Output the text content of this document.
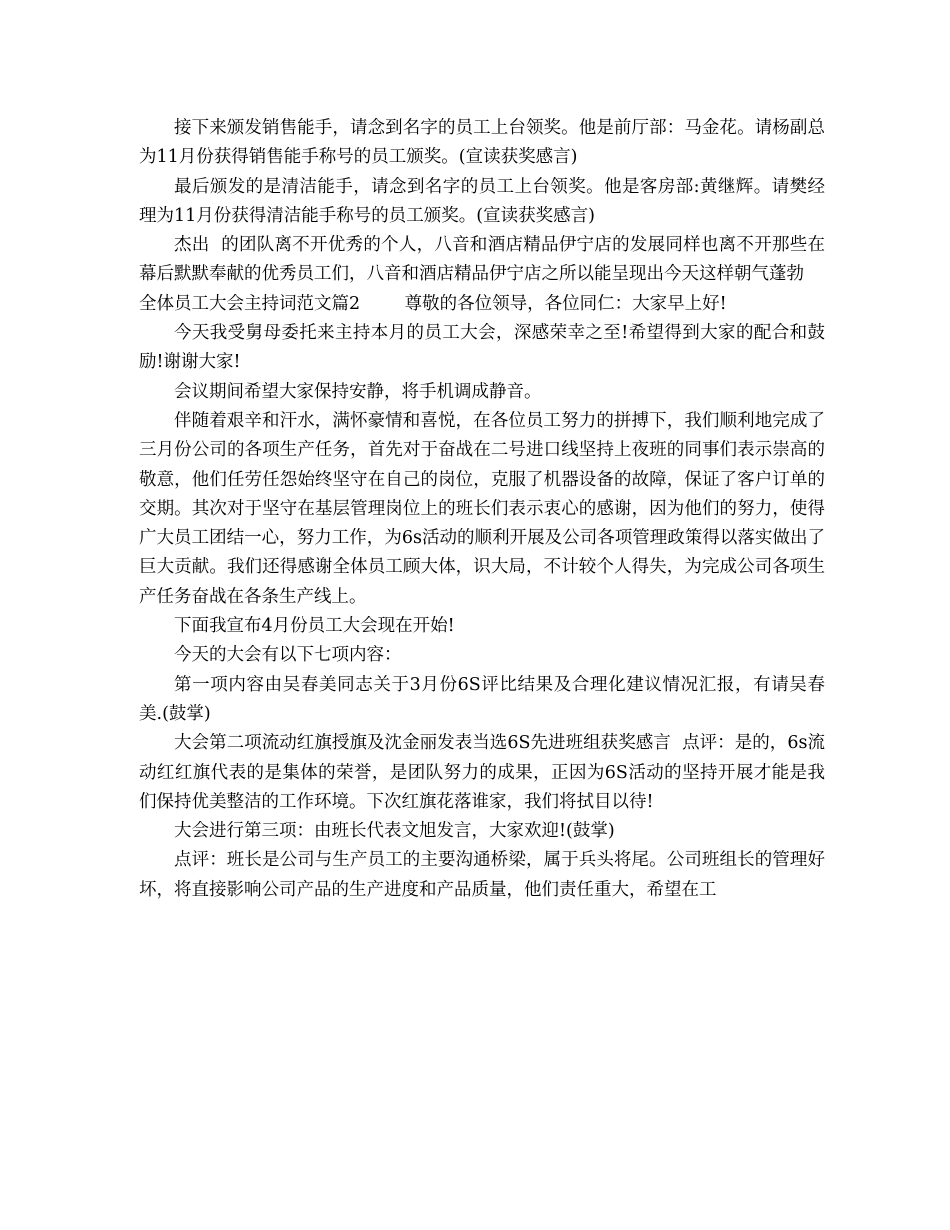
接下来颁发销售能手，请念到名字的员工上台领奖。他是前厅部：马金花。请杨副总为11月份获得销售能手称号的员工颁奖。(宣读获奖感言)

最后颁发的是清洁能手，请念到名字的员工上台领奖。他是客房部:黄继辉。请樊经理为11月份获得清洁能手称号的员工颁奖。(宣读获奖感言)

杰出  的团队离不开优秀的个人，八音和酒店精品伊宁店的发展同样也离不开那些在幕后默默奉献的优秀员工们，八音和酒店精品伊宁店之所以能呈现出今天这样朝气蓬勃

全体员工大会主持词范文篇2        尊敬的各位领导，各位同仁：大家早上好!

今天我受舅母委托来主持本月的员工大会，深感荣幸之至!希望得到大家的配合和鼓励!谢谢大家!

会议期间希望大家保持安静，将手机调成静音。

伴随着艰辛和汗水，满怀豪情和喜悦，在各位员工努力的拼搏下，我们顺利地完成了三月份公司的各项生产任务，首先对于奋战在二号进口线坚持上夜班的同事们表示崇高的敬意，他们任劳任怨始终坚守在自己的岗位，克服了机器设备的故障，保证了客户订单的交期。其次对于坚守在基层管理岗位上的班长们表示衷心的感谢，因为他们的努力，使得广大员工团结一心，努力工作，为6s活动的顺利开展及公司各项管理政策得以落实做出了巨大贡献。我们还得感谢全体员工顾大体，识大局，不计较个人得失，为完成公司各项生产任务奋战在各条生产线上。

下面我宣布4月份员工大会现在开始!

今天的大会有以下七项内容：

第一项内容由吴春美同志关于3月份6S评比结果及合理化建议情况汇报，有请吴春美.(鼓掌)

大会第二项流动红旗授旗及沈金丽发表当选6S先进班组获奖感言  点评：是的，6s流动红红旗代表的是集体的荣誉，是团队努力的成果，正因为6S活动的坚持开展才能是我们保持优美整洁的工作环境。下次红旗花落谁家，我们将拭目以待!

大会进行第三项：由班长代表文旭发言，大家欢迎!(鼓掌)

点评：班长是公司与生产员工的主要沟通桥梁，属于兵头将尾。公司班组长的管理好坏，将直接影响公司产品的生产进度和产品质量，他们责任重大，希望在工
